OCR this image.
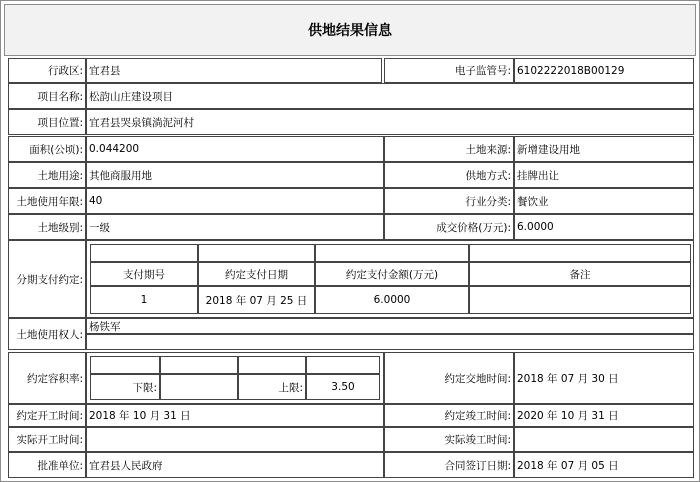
供地结果信息
行政区: 宜君县	电子监管号: 6102222018B00129
项目名称: 松韵山庄建设项目
项目位置: 宜君县哭泉镇淌泥河村
面积(公顷): 0.044200	土地来源: 新增建设用地
土地用途: 其他商服用地	供地方式: 挂牌出让
土地使用年限: 40	行业分类: 餐饮业
土地级别: 一级	成交价格(万元): 6.0000
分期支付约定:	支付期号	约定支付日期	约定支付金额(万元)	备注
1	2018 年 07 月 25 日	6.0000
土地使用权人:
杨铁军
约定容积率:
下限:	上限:	3.50
约定交地时间: 2018 年 07 月 30 日
约定开工时间: 2018 年 10 月 31 日	约定竣工时间: 2020 年 10 月 31 日
实际开工时间:	实际竣工时间:
批准单位: 宜君县人民政府	合同签订日期: 2018 年 07 月 05 日
